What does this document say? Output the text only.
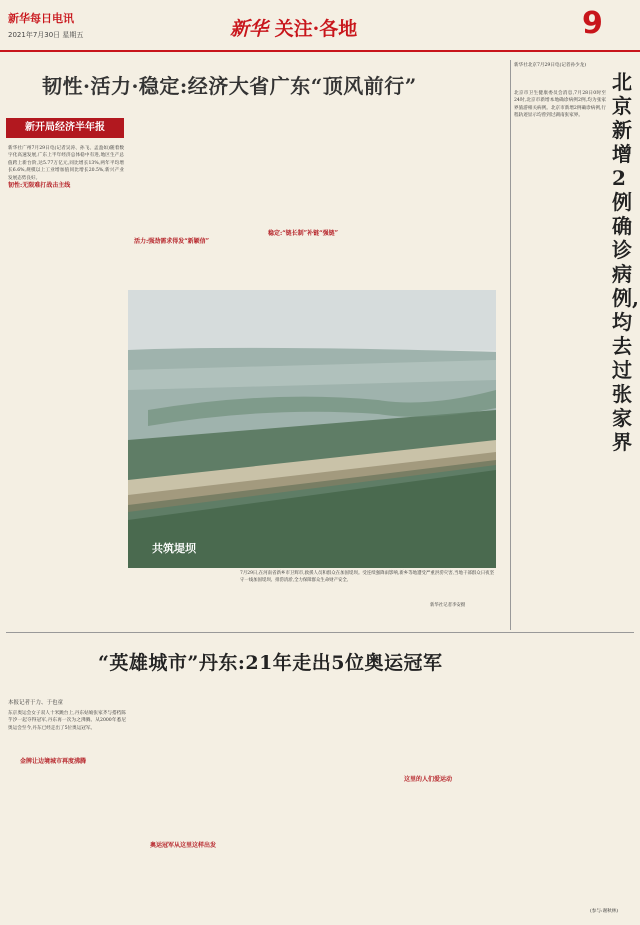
新华每日电讯
2021年7月30日 星期五	新华 关注·各地	9
韧性·活力·稳定:经济大省广东“顶风前行”
新开局经济半年报
新华社广州7月29日电(记者吴涛、孙飞、孟盈如)随着数字化高速发展,广东上半年经济总体稳中有进,地区生产总值跨上新台阶,达5.77万亿元,同比增长13%,两年平均增长6.6%,规模以上工业增加值同比增长20.5%,新兴产业发展态势良好。
韧性:无限难打战击主线
活力:强劲需求得发“新颖信”
稳定:“链长制”补链“强链”
共筑堤坝
7月29日,在河南省新乡市卫辉市,救援人员和群众在加固堤坝。受连续强降雨影响,新乡等地遭受严重洪涝灾害,当地干部群众日夜坚守一线加固堤坝、排涝清淤,全力保障群众生命财产安全,
新华社记者李安摄
新华社北京7月29日电(记者孙少龙)
北京新增2例确诊病例,均去过张家界
北京市卫生健康委员会消息,7月28日0时至24时,北京市新增本地确诊病例2例,均为张家界旅游相关病例。北京市新增2例确诊病例,行程轨迹显示均曾到过湖南张家界。
“英雄城市”丹东:21年走出5位奥运冠军
本报记者于力、于也童
东京奥运会女子双人十米跳台上,丹东姑娘张家齐与搭档陈芋汐一起夺得冠军,丹东再一次为之沸腾。从2000年悉尼奥运会至今,丹东已经走出了5位奥运冠军。
金牌让边境城市再度沸腾
奥运冠军从这里这样出发
这里的人们爱运动
(参与:谢秋林)
